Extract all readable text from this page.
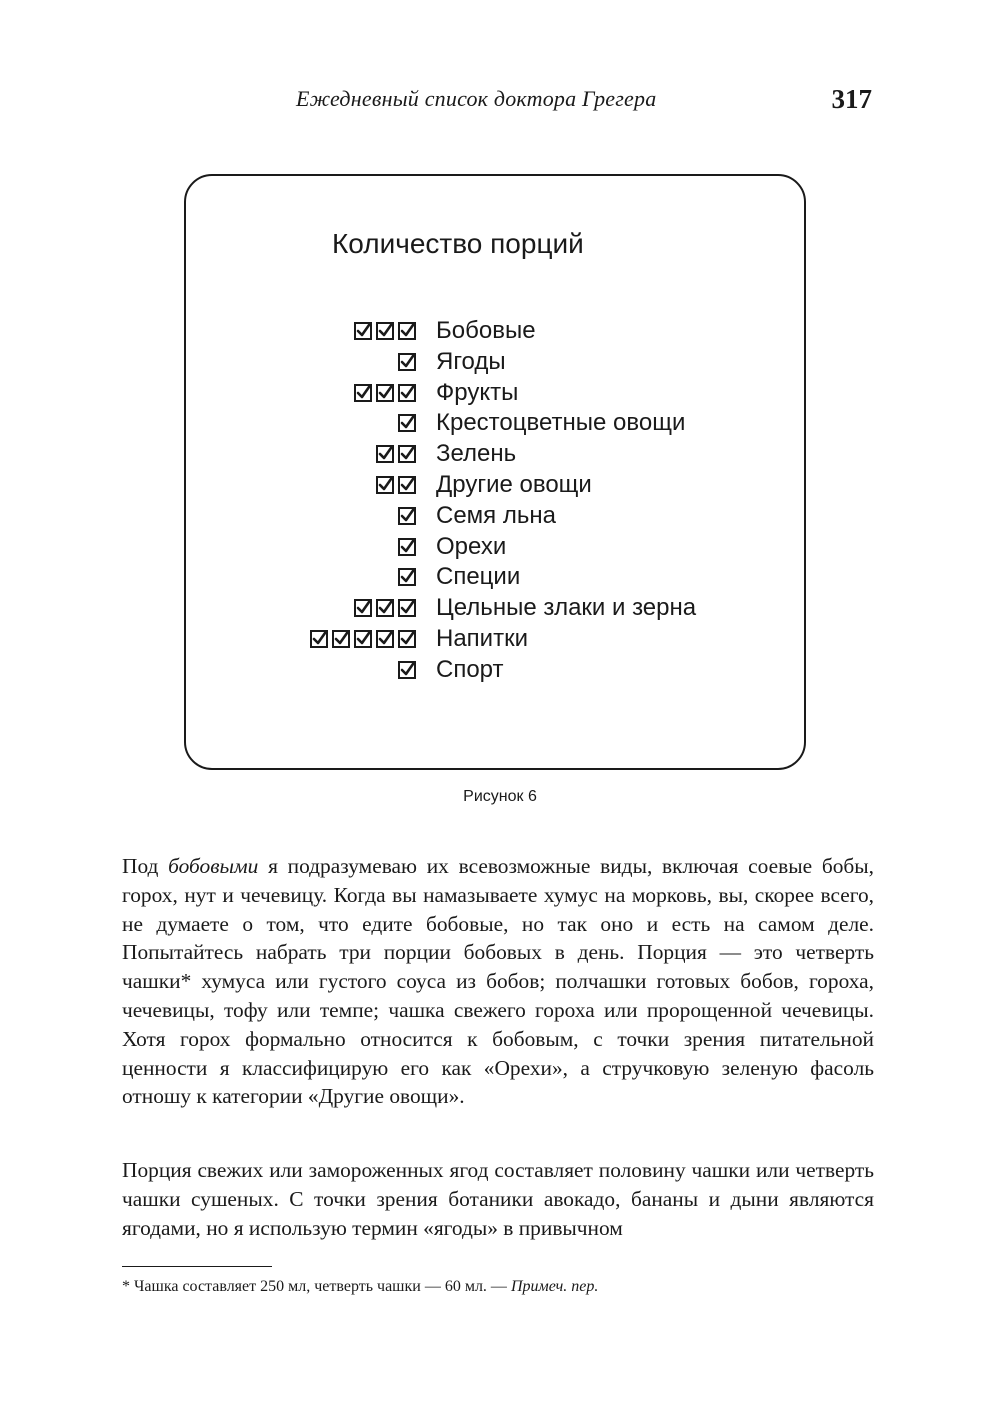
Ежедневный список доктора Грегера	317
Количество порций
Бобовые
Ягоды
Фрукты
Крестоцветные овощи
Зелень
Другие овощи
Семя льна
Орехи
Специи
Цельные злаки и зерна
Напитки
Спорт
Рисунок 6

Под бобовыми я подразумеваю их всевозможные виды, включая соевые бобы, горох, нут и чечевицу. Когда вы намазываете хумус на морковь, вы, скорее всего, не думаете о том, что едите бобовые, но так оно и есть на самом деле. Попытайтесь набрать три порции бобовых в день. Порция — это четверть чашки* хумуса или густого соуса из бобов; полчашки готовых бобов, гороха, чечевицы, тофу или темпе; чашка свежего гороха или пророщенной чечевицы. Хотя горох формально относится к бобовым, с точки зрения питательной ценности я классифицирую его как «Орехи», а стручковую зеленую фасоль отношу к категории «Другие овощи».

Порция свежих или замороженных ягод составляет половину чашки или четверть чашки сушеных. С точки зрения ботаники авокадо, бананы и дыни являются ягодами, но я использую термин «ягоды» в привычном

* Чашка составляет 250 мл, четверть чашки — 60 мл. — Примеч. пер.
